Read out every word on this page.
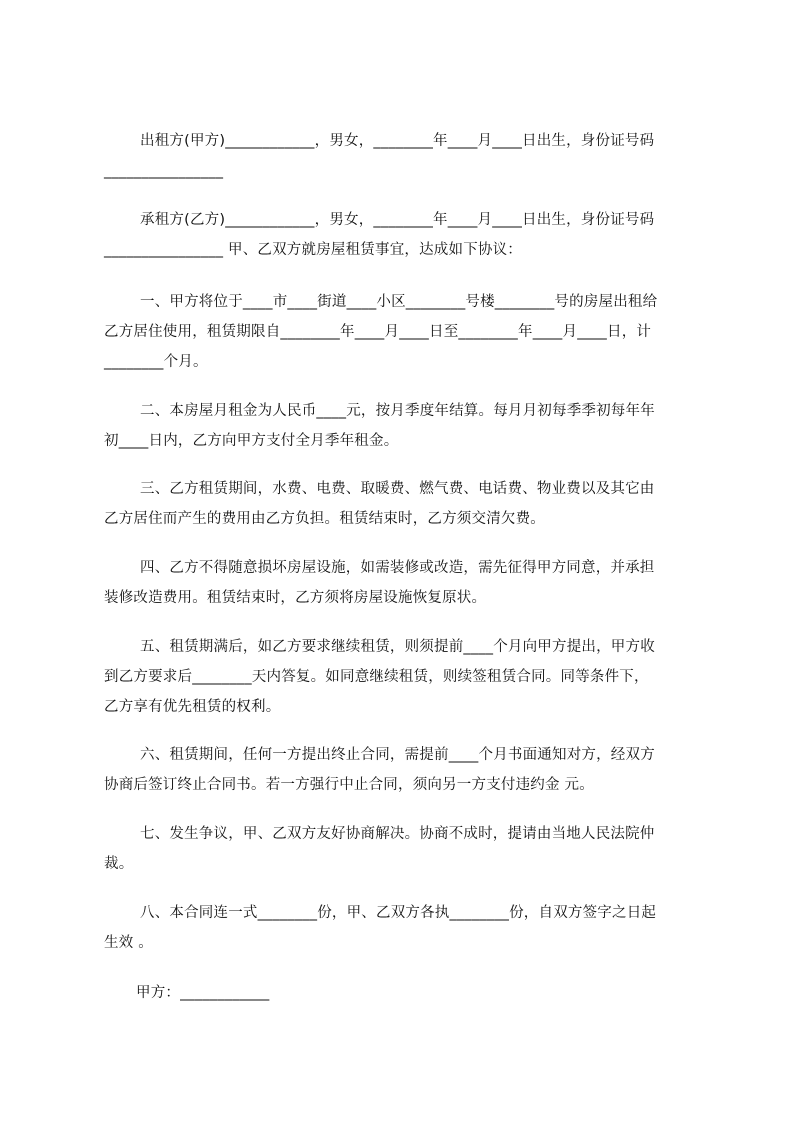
出租方(甲方)____________，男女，________年____月____日出生，身份证号码
________________
承租方(乙方)____________，男女，________年____月____日出生，身份证号码
________________ 甲、乙双方就房屋租赁事宜，达成如下协议：
一、甲方将位于____市____街道____小区________号楼________号的房屋出租给
乙方居住使用，租赁期限自________年____月____日至________年____月____日，计
________个月。
二、本房屋月租金为人民币____元，按月季度年结算。每月月初每季季初每年年
初____日内，乙方向甲方支付全月季年租金。
三、乙方租赁期间，水费、电费、取暖费、燃气费、电话费、物业费以及其它由
乙方居住而产生的费用由乙方负担。租赁结束时，乙方须交清欠费。
四、乙方不得随意损坏房屋设施，如需装修或改造，需先征得甲方同意，并承担
装修改造费用。租赁结束时，乙方须将房屋设施恢复原状。
五、租赁期满后，如乙方要求继续租赁，则须提前____个月向甲方提出，甲方收
到乙方要求后________天内答复。如同意继续租赁，则续签租赁合同。同等条件下，
乙方享有优先租赁的权利。
六、租赁期间，任何一方提出终止合同，需提前____个月书面通知对方，经双方
协商后签订终止合同书。若一方强行中止合同，须向另一方支付违约金 元。
七、发生争议，甲、乙双方友好协商解决。协商不成时，提请由当地人民法院仲
裁。
八、本合同连一式________份，甲、乙双方各执________份，自双方签字之日起
生效 。
甲方：____________
